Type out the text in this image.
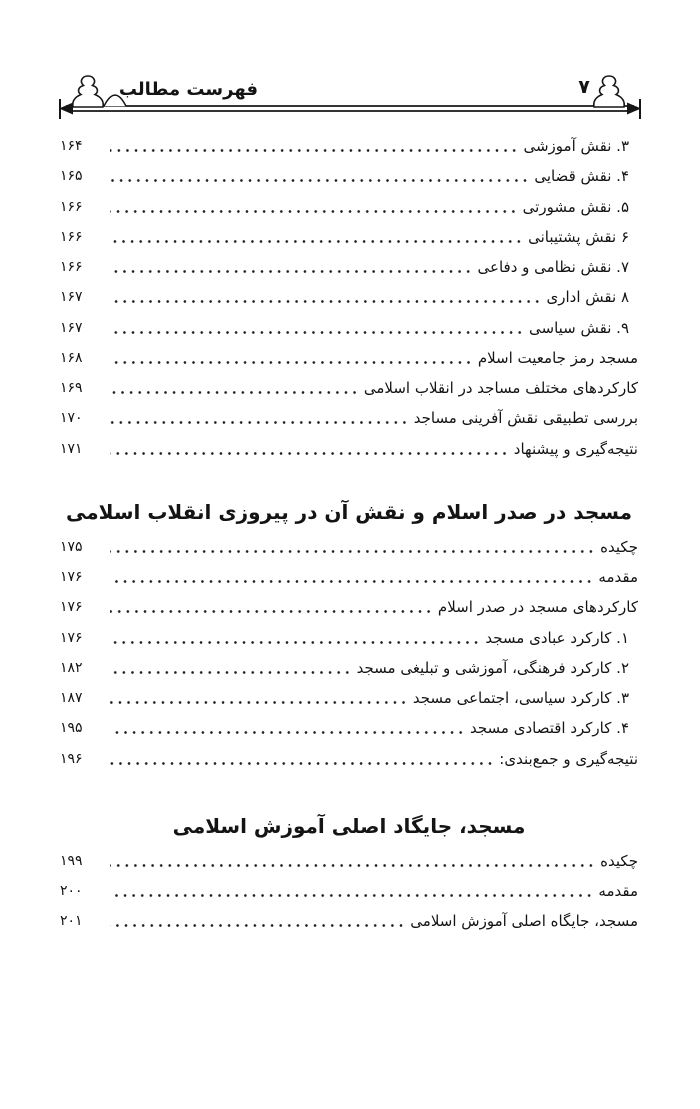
فهرست مطالب	۷
۳. نقش آموزشی
۱۶۴
۴. نقش قضایی
۱۶۵
۵. نقش مشورتی
۱۶۶
۶ نقش پشتیبانی
۱۶۶
۷. نقش نظامی و دفاعی
۱۶۶
۸ نقش اداری
۱۶۷
۹. نقش سیاسی
۱۶۷
مسجد رمز جامعیت اسلام
۱۶۸
کارکردهای مختلف مساجد در انقلاب اسلامی
۱۶۹
بررسی تطبیقی نقش آفرینی مساجد
۱۷۰
نتیجه‌گیری و پیشنهاد
۱۷۱
مسجد در صدر اسلام و نقش آن در پیروزی انقلاب اسلامی
چکیده
۱۷۵
مقدمه
۱۷۶
کارکردهای مسجد در صدر اسلام
۱۷۶
۱. کارکرد عبادی مسجد
۱۷۶
۲. کارکرد فرهنگی، آموزشی و تبلیغی مسجد
۱۸۲
۳. کارکرد سیاسی، اجتماعی مسجد
۱۸۷
۴. کارکرد اقتصادی مسجد
۱۹۵
نتیجه‌گیری و جمع‌بندی:
۱۹۶
مسجد، جایگاد اصلی آموزش اسلامی
چکیده
۱۹۹
مقدمه
۲۰۰
مسجد، جایگاه اصلی آموزش اسلامی
۲۰۱
